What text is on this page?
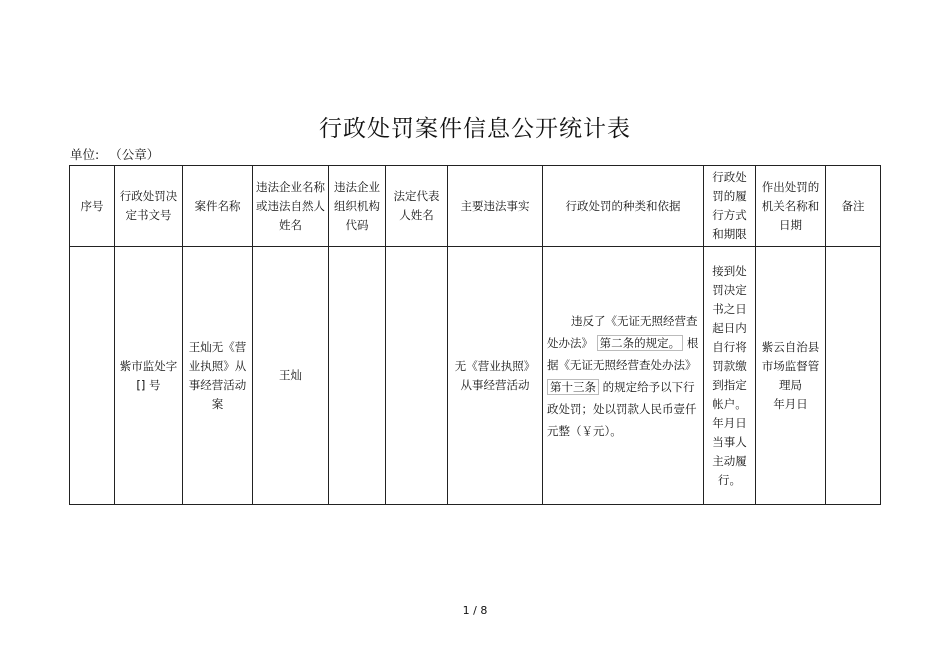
行政处罚案件信息公开统计表
单位: （公章）
序号	行政处罚决定书文号	案件名称	违法企业名称或违法自然人姓名	违法企业组织机构代码	法定代表人姓名	主要违法事实	行政处罚的种类和依据	行政处罚的履行方式和期限	作出处罚的机关名称和日期	备注
	紫市监处字[] 号	王灿无《营业执照》从事经营活动案	王灿			无《营业执照》 从事经营活动	违反了《无证无照经营查处办法》 第二条的规定。 根据《无证无照经营查处办法》第十三条 的规定给予以下行政处罚；处以罚款人民币壹仟元整（￥元）。	接到处罚决定书之日起日内自行将罚款缴到指定帐户。年月日当事人主动履行。	紫云自治县市场监督管理局
年月日	

1 / 8
